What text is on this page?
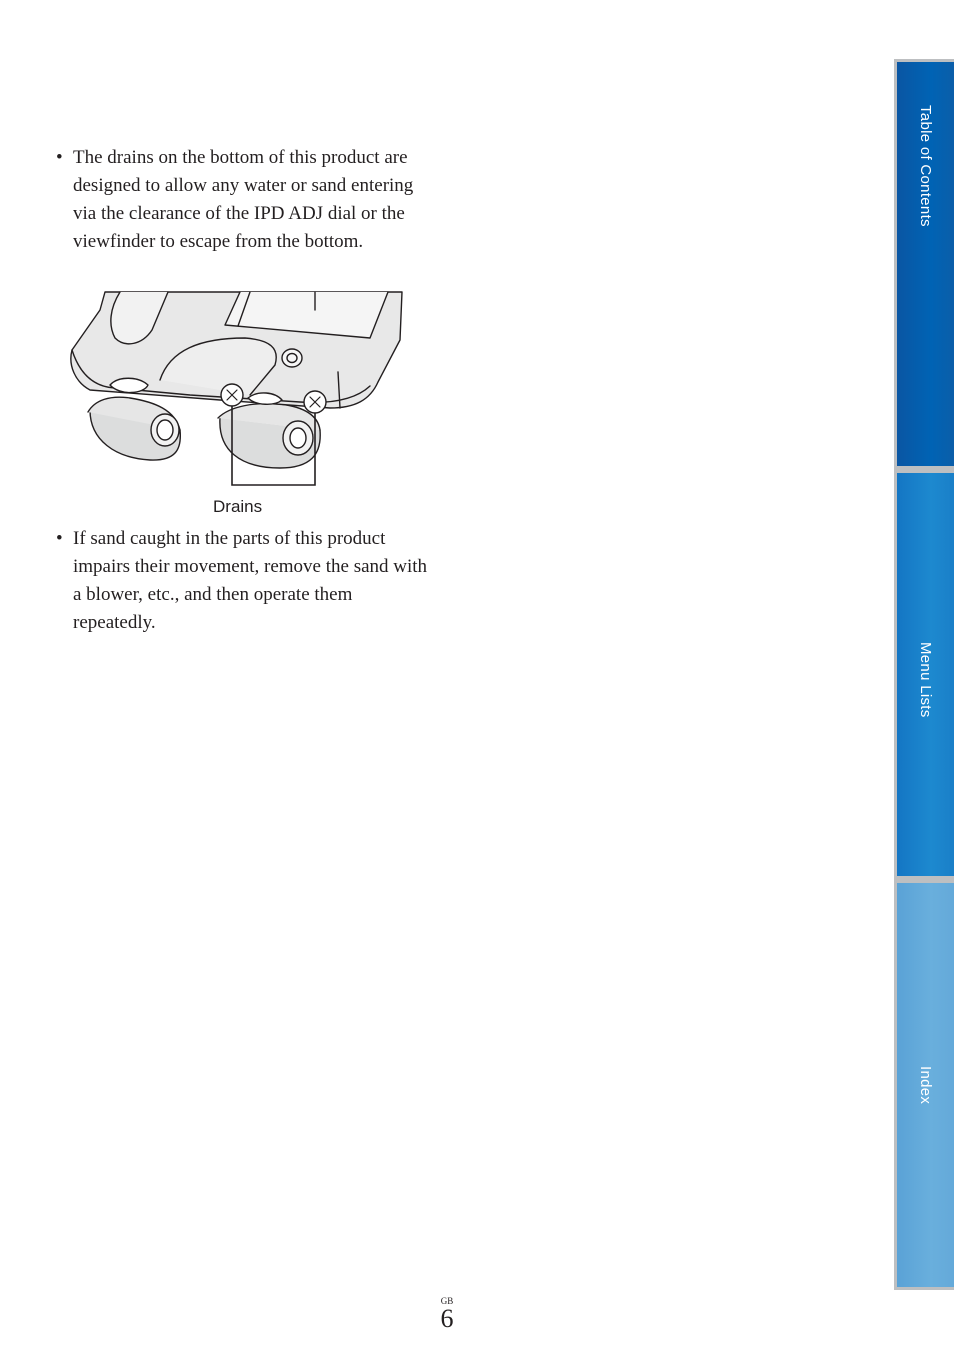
• The drains on the bottom of this product are designed to allow any water or sand entering via the clearance of the IPD ADJ dial or the viewfinder to escape from the bottom.
Drains
• If sand caught in the parts of this product impairs their movement, remove the sand with a blower, etc., and then operate them repeatedly.
Table of Contents
Menu Lists
Index
GB
6
